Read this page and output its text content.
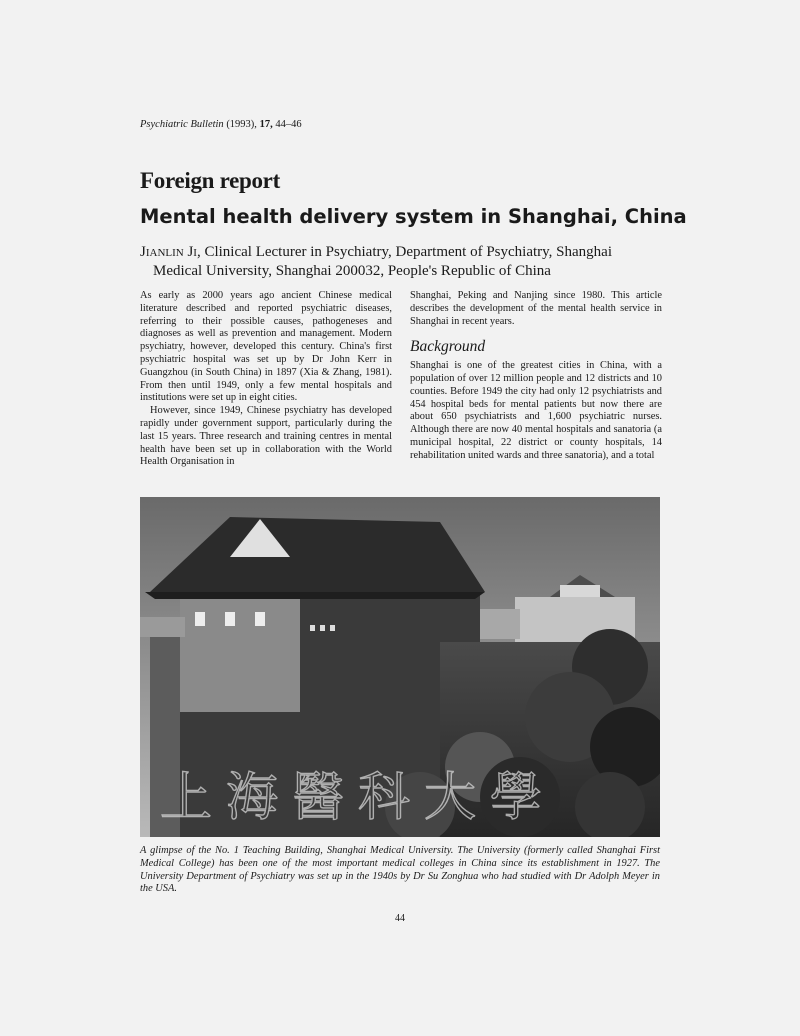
Psychiatric Bulletin (1993), 17, 44–46
Foreign report
Mental health delivery system in Shanghai, China
Jianlin Ji, Clinical Lecturer in Psychiatry, Department of Psychiatry, Shanghai
Medical University, Shanghai 200032, People's Republic of China

As early as 2000 years ago ancient Chinese medical literature described and reported psychiatric diseases, referring to their possible causes, pathogeneses and diagnoses as well as prevention and management. Modern psychiatry, however, developed this century. China's first psychiatric hospital was set up by Dr John Kerr in Guangzhou (in South China) in 1897 (Xia & Zhang, 1981). From then until 1949, only a few mental hospitals and institutions were set up in eight cities.

However, since 1949, Chinese psychiatry has developed rapidly under government support, particularly during the last 15 years. Three research and training centres in mental health have been set up in collaboration with the World Health Organisation in

Shanghai, Peking and Nanjing since 1980. This article describes the development of the mental health service in Shanghai in recent years.

Background

Shanghai is one of the greatest cities in China, with a population of over 12 million people and 12 districts and 10 counties. Before 1949 the city had only 12 psychiatrists and 454 hospital beds for mental patients but now there are about 650 psychiatrists and 1,600 psychiatric nurses. Although there are now 40 mental hospitals and sanatoria (a municipal hospital, 22 district or county hospitals, 14 rehabilitation united wards and three sanatoria), and a total

上海醫科大學
A glimpse of the No. 1 Teaching Building, Shanghai Medical University. The University (formerly called Shanghai First Medical College) has been one of the most important medical colleges in China since its establishment in 1927. The University Department of Psychiatry was set up in the 1940s by Dr Su Zonghua who had studied with Dr Adolph Meyer in the USA.
44
